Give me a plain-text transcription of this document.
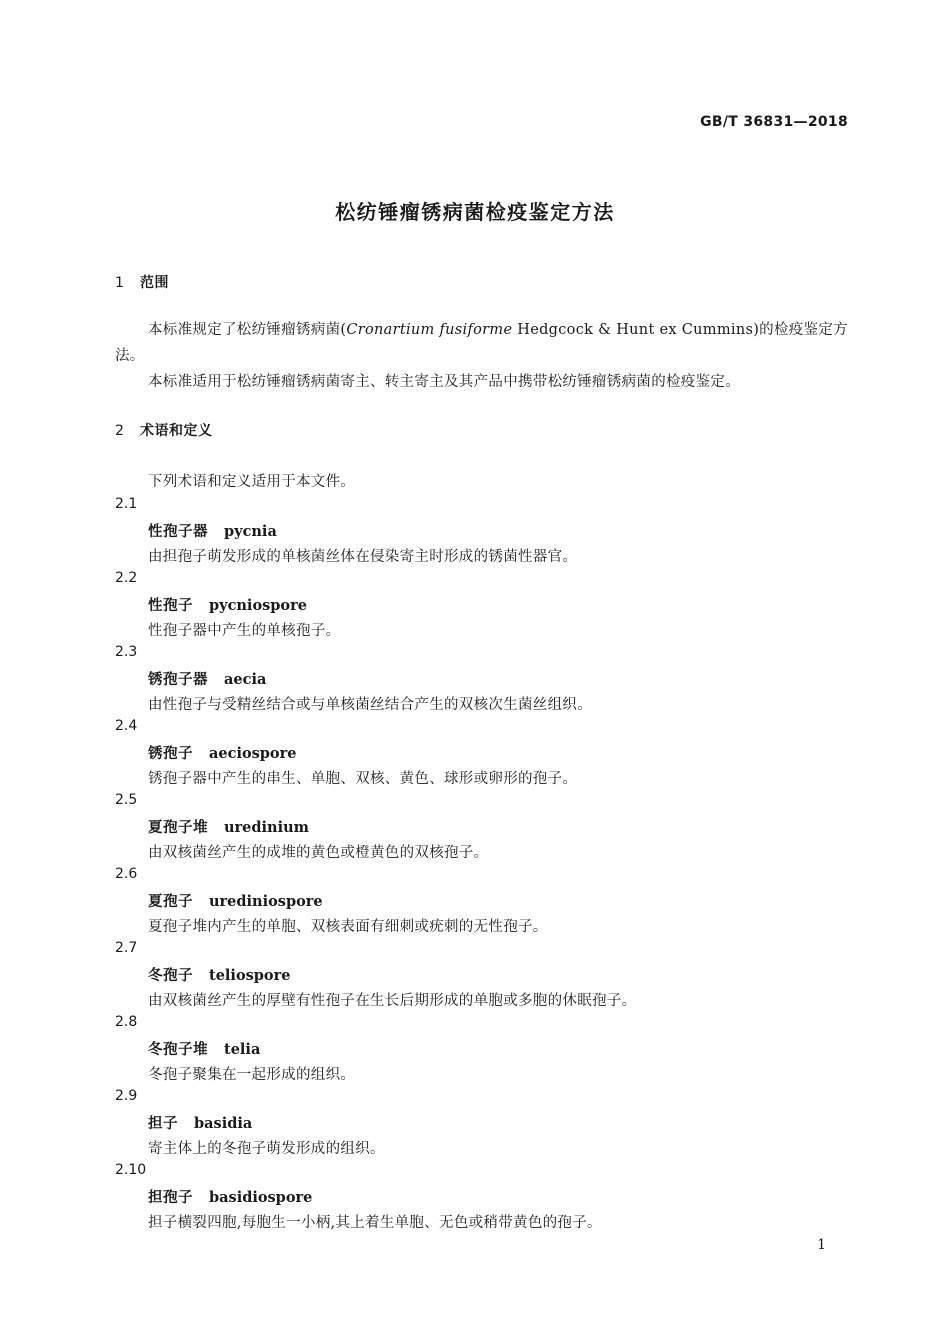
GB/T 36831—2018
松纺锤瘤锈病菌检疫鉴定方法
1 范围
本标准规定了松纺锤瘤锈病菌(Cronartium fusiforme Hedgcock & Hunt ex Cummins)的检疫鉴定方法。
本标准适用于松纺锤瘤锈病菌寄主、转主寄主及其产品中携带松纺锤瘤锈病菌的检疫鉴定。
2 术语和定义
下列术语和定义适用于本文件。
2.1
性孢子器 pycnia
由担孢子萌发形成的单核菌丝体在侵染寄主时形成的锈菌性器官。
2.2
性孢子 pycniospore
性孢子器中产生的单核孢子。
2.3
锈孢子器 aecia
由性孢子与受精丝结合或与单核菌丝结合产生的双核次生菌丝组织。
2.4
锈孢子 aeciospore
锈孢子器中产生的串生、单胞、双核、黄色、球形或卵形的孢子。
2.5
夏孢子堆 uredinium
由双核菌丝产生的成堆的黄色或橙黄色的双核孢子。
2.6
夏孢子 urediniospore
夏孢子堆内产生的单胞、双核表面有细刺或疣刺的无性孢子。
2.7
冬孢子 teliospore
由双核菌丝产生的厚壁有性孢子在生长后期形成的单胞或多胞的休眠孢子。
2.8
冬孢子堆 telia
冬孢子聚集在一起形成的组织。
2.9
担子 basidia
寄主体上的冬孢子萌发形成的组织。
2.10
担孢子 basidiospore
担子横裂四胞,每胞生一小柄,其上着生单胞、无色或稍带黄色的孢子。
1
